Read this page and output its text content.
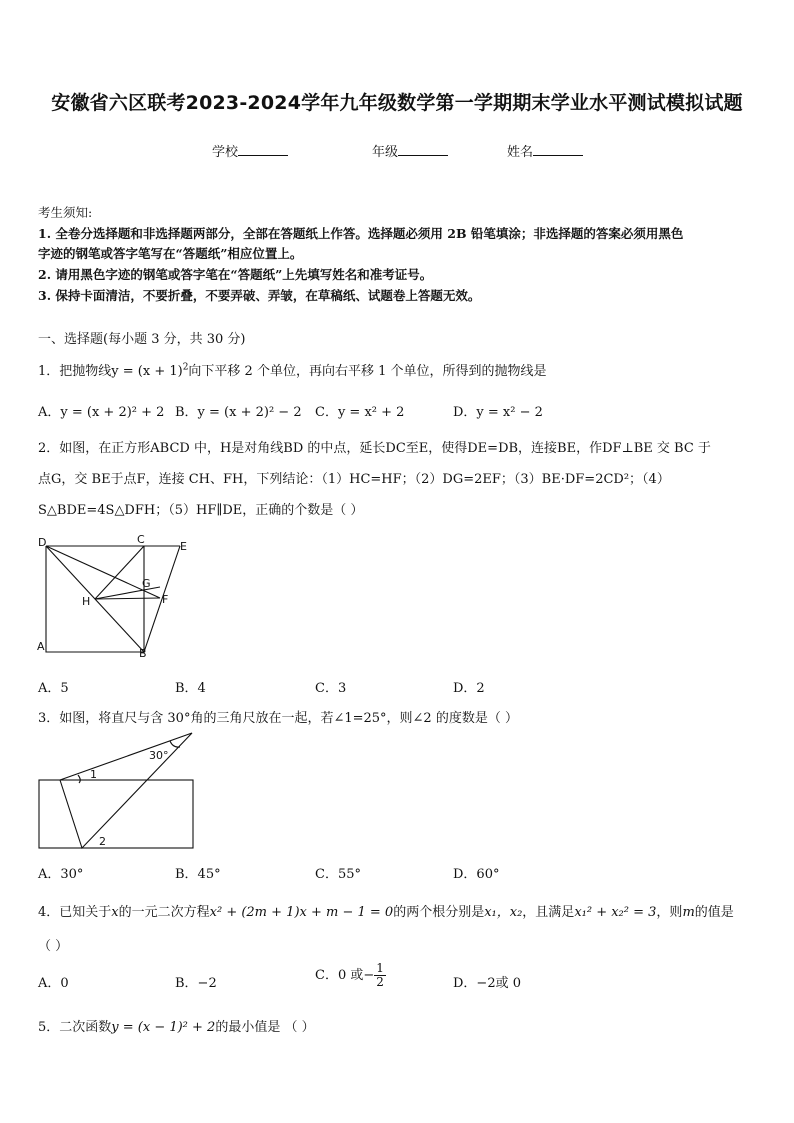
安徽省六区联考2023-2024学年九年级数学第一学期期末学业水平测试模拟试题
学校	年级	姓名
考生须知:
1. 全卷分选择题和非选择题两部分，全部在答题纸上作答。选择题必须用 2B 铅笔填涂；非选择题的答案必须用黑色
字迹的钢笔或答字笔写在“答题纸”相应位置上。
2. 请用黑色字迹的钢笔或答字笔在“答题纸”上先填写姓名和准考证号。
3. 保持卡面清洁，不要折叠，不要弄破、弄皱，在草稿纸、试题卷上答题无效。
一、选择题(每小题 3 分，共 30 分)
1．把抛物线$y = (x + 1)^2$向下平移 2 个单位，再向右平移 1 个单位，所得到的抛物线是
A．y = (x + 2)² + 2 B．y = (x + 2)² − 2 C．y = x² + 2	D．y = x² − 2
2．如图，在正方形ABCD 中，H是对角线BD 的中点，延长DC至E，使得DE=DB，连接BE，作DF⊥BE 交 BC 于
点G，交 BE于点F，连接 CH、FH，下列结论：（1）HC=HF；（2）DG=2EF；（3）BE·DF=2CD²；（4）
S△BDE=4S△DFH；（5）HF∥DE，正确的个数是（ ）
D	C
E
G
H	F
A
B
A．5	B．4	C．3	D．2
3．如图，将直尺与含 30°角的三角尺放在一起，若∠1=25°，则∠2 的度数是（ ）
30°
1
2
A．30°	B．45°	C．55°	D．60°
4．已知关于x的一元二次方程x² + (2m + 1)x + m − 1 = 0的两个根分别是x₁，x₂，且满足x₁² + x₂² = 3，则m的值是
（ ）
A．0	B．−2
C．0 或− $\frac{1}{2}$	D．−2或 0
5．二次函数y = (x − 1)² + 2的最小值是 （ ）
